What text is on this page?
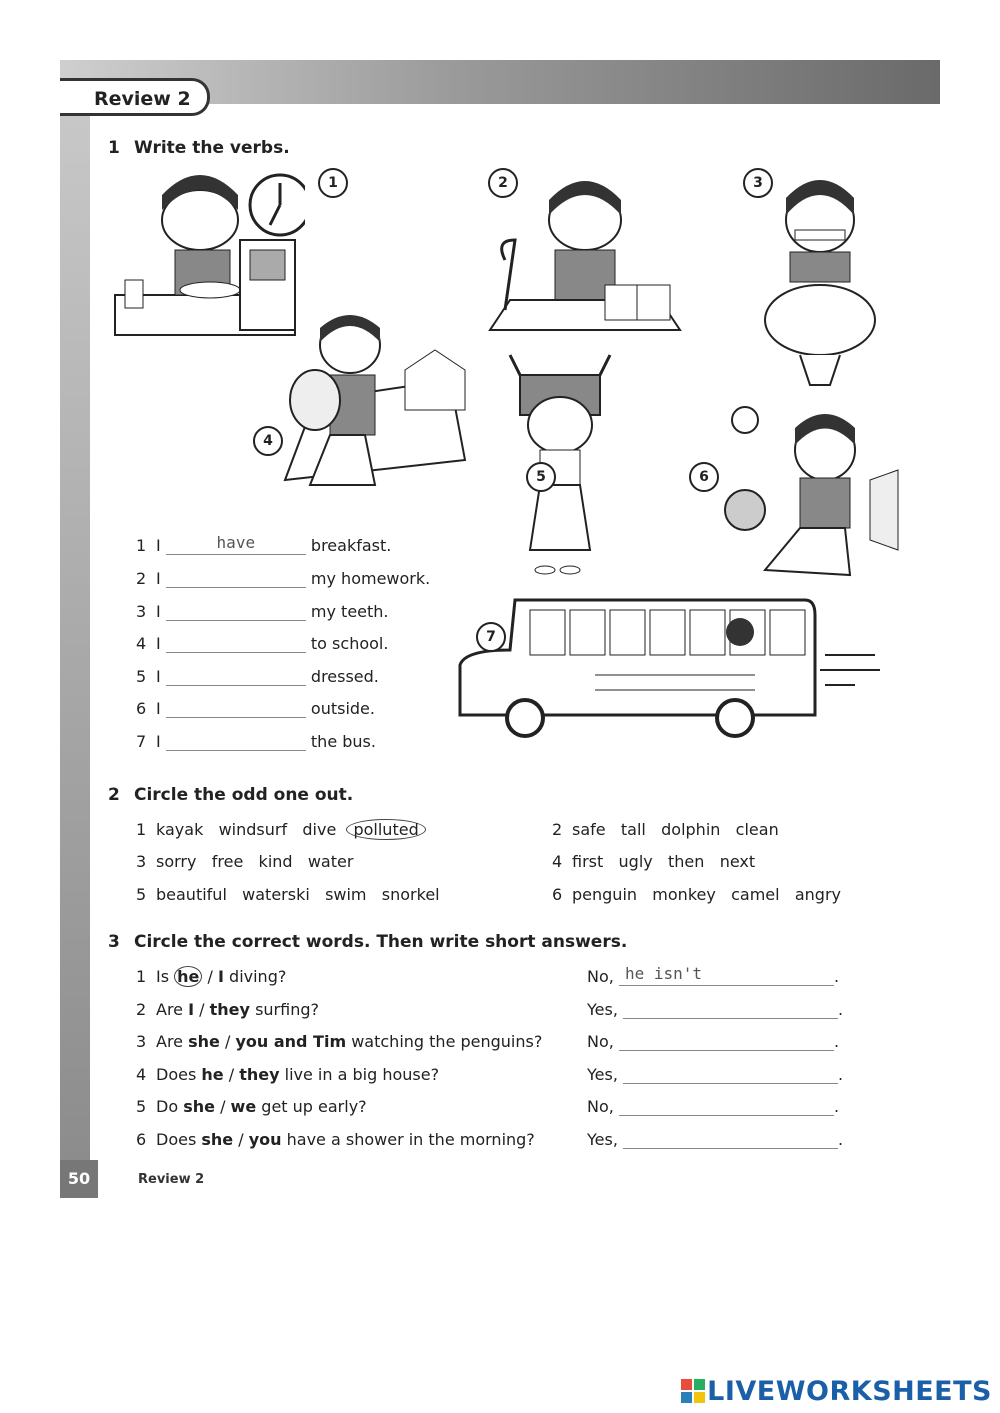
Review 2
1 Write the verbs.
1	2	3
4
5	6
7
1 I	have	breakfast.
2 I	my homework.
3 I	my teeth.
4 I	to school.
5 I	dressed.
6 I	outside.
7 I	the bus.
2 Circle the odd one out.
1 kayak windsurf dive polluted	2 safe tall dolphin clean
3 sorry free kind water	4 first ugly then next
5 beautiful waterski swim snorkel	6 penguin monkey camel angry
3 Circle the correct words. Then write short answers.
1 Is he / I diving?	No, he isn't	.
2 Are I / they surfing?	Yes,	.
3 Are she / you and Tim watching the penguins?	No,	.
4 Does he / they live in a big house?	Yes,	.
5 Do she / we get up early?	No,	.
6 Does she / you have a shower in the morning?	Yes,	.
50	Review 2
LIVEWORKSHEETS
